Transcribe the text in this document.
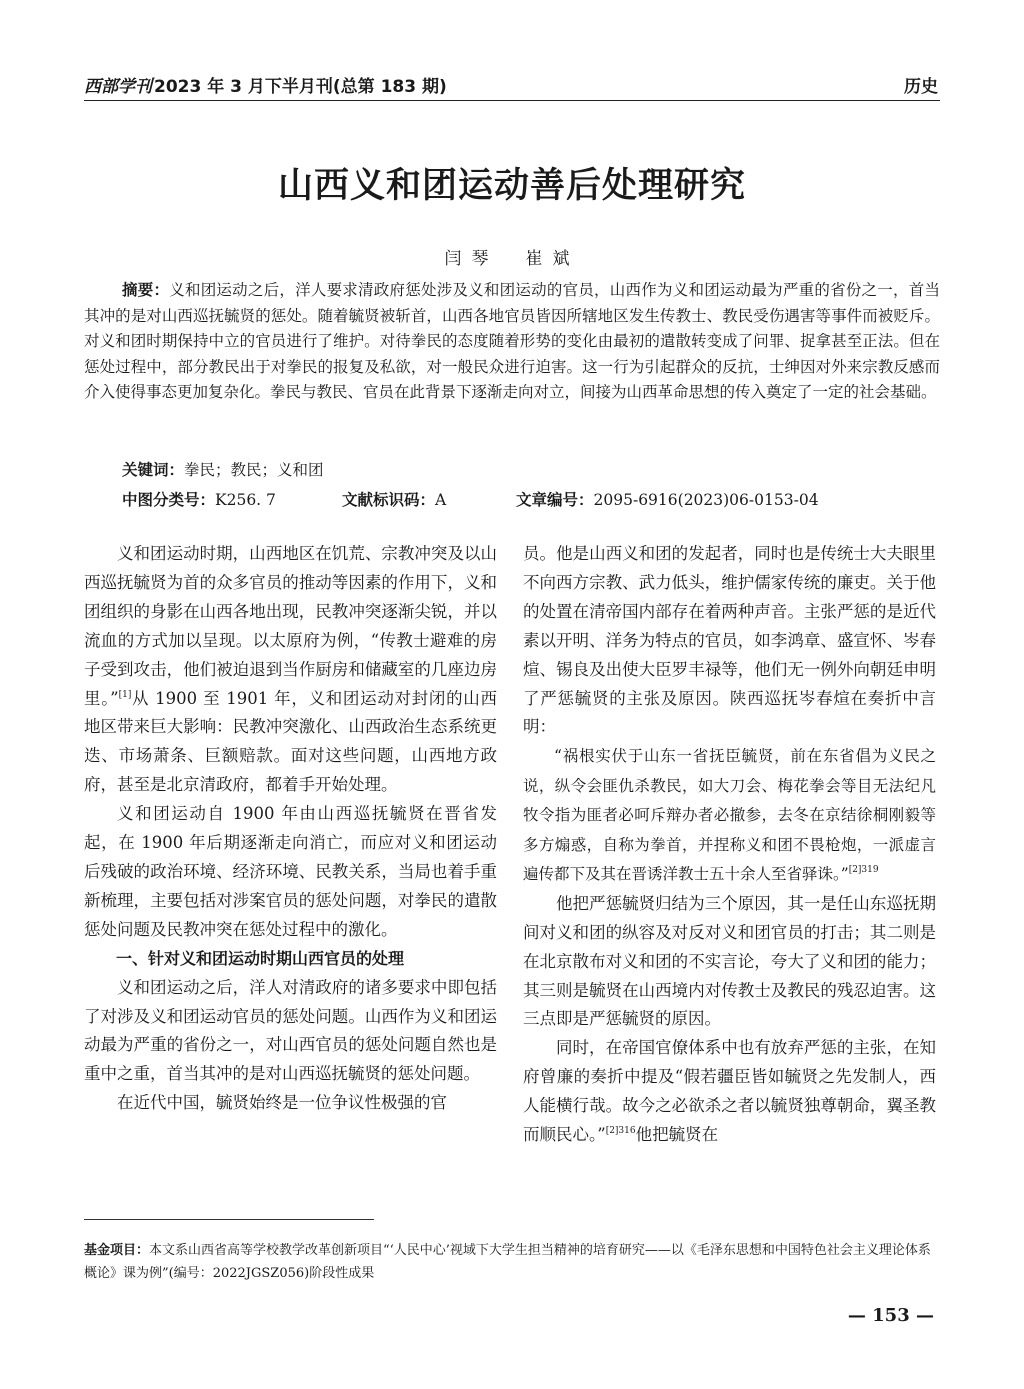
西部学刊 2023 年 3 月下半月刊(总第 183 期)	历史
山西义和团运动善后处理研究
闫琴　崔斌
摘要：义和团运动之后，洋人要求清政府惩处涉及义和团运动的官员，山西作为义和团运动最为严重的省份之一，首当其冲的是对山西巡抚毓贤的惩处。随着毓贤被斩首，山西各地官员皆因所辖地区发生传教士、教民受伤遇害等事件而被贬斥。对义和团时期保持中立的官员进行了维护。对待拳民的态度随着形势的变化由最初的遣散转变成了问罪、捉拿甚至正法。但在惩处过程中，部分教民出于对拳民的报复及私欲，对一般民众进行迫害。这一行为引起群众的反抗，士绅因对外来宗教反感而介入使得事态更加复杂化。拳民与教民、官员在此背景下逐渐走向对立，间接为山西革命思想的传入奠定了一定的社会基础。
关键词：拳民；教民；义和团
中图分类号：K256. 7	文献标识码：A	文章编号：2095-6916(2023)06-0153-04

义和团运动时期，山西地区在饥荒、宗教冲突及以山西巡抚毓贤为首的众多官员的推动等因素的作用下，义和团组织的身影在山西各地出现，民教冲突逐渐尖锐，并以流血的方式加以呈现。以太原府为例，“传教士避难的房子受到攻击，他们被迫退到当作厨房和储藏室的几座边房里。”[1]从 1900 至 1901 年，义和团运动对封闭的山西地区带来巨大影响：民教冲突激化、山西政治生态系统更迭、市场萧条、巨额赔款。面对这些问题，山西地方政府，甚至是北京清政府，都着手开始处理。

义和团运动自 1900 年由山西巡抚毓贤在晋省发起，在 1900 年后期逐渐走向消亡，而应对义和团运动后残破的政治环境、经济环境、民教关系，当局也着手重新梳理，主要包括对涉案官员的惩处问题，对拳民的遣散惩处问题及民教冲突在惩处过程中的激化。

一、针对义和团运动时期山西官员的处理

义和团运动之后，洋人对清政府的诸多要求中即包括了对涉及义和团运动官员的惩处问题。山西作为义和团运动最为严重的省份之一，对山西官员的惩处问题自然也是重中之重，首当其冲的是对山西巡抚毓贤的惩处问题。

在近代中国，毓贤始终是一位争议性极强的官

员。他是山西义和团的发起者，同时也是传统士大夫眼里不向西方宗教、武力低头，维护儒家传统的廉吏。关于他的处置在清帝国内部存在着两种声音。主张严惩的是近代素以开明、洋务为特点的官员，如李鸿章、盛宣怀、岑春煊、锡良及出使大臣罗丰禄等，他们无一例外向朝廷申明了严惩毓贤的主张及原因。陕西巡抚岑春煊在奏折中言明：

“祸根实伏于山东一省抚臣毓贤，前在东省倡为义民之说，纵令会匪仇杀教民，如大刀会、梅花拳会等目无法纪凡牧令指为匪者必呵斥辩办者必撤参，去冬在京结徐桐刚毅等多方煽惑，自称为拳首，并捏称义和团不畏枪炮，一派虚言遍传都下及其在晋诱洋教士五十余人至省驿诛。”$^{[2]319}$

他把严惩毓贤归结为三个原因，其一是任山东巡抚期间对义和团的纵容及对反对义和团官员的打击；其二则是在北京散布对义和团的不实言论，夸大了义和团的能力；其三则是毓贤在山西境内对传教士及教民的残忍迫害。这三点即是严惩毓贤的原因。

同时，在帝国官僚体系中也有放弃严惩的主张，在知府曾廉的奏折中提及“假若疆臣皆如毓贤之先发制人，西人能横行哉。故今之必欲杀之者以毓贤独尊朝命，翼圣教而顺民心。”$^{[2]316}$他把毓贤在

基金项目：本文系山西省高等学校教学改革创新项目“‘人民中心’视域下大学生担当精神的培育研究——以《毛泽东思想和中国特色社会主义理论体系概论》课为例”(编号：2022JGSZ056)阶段性成果
— 153 —
